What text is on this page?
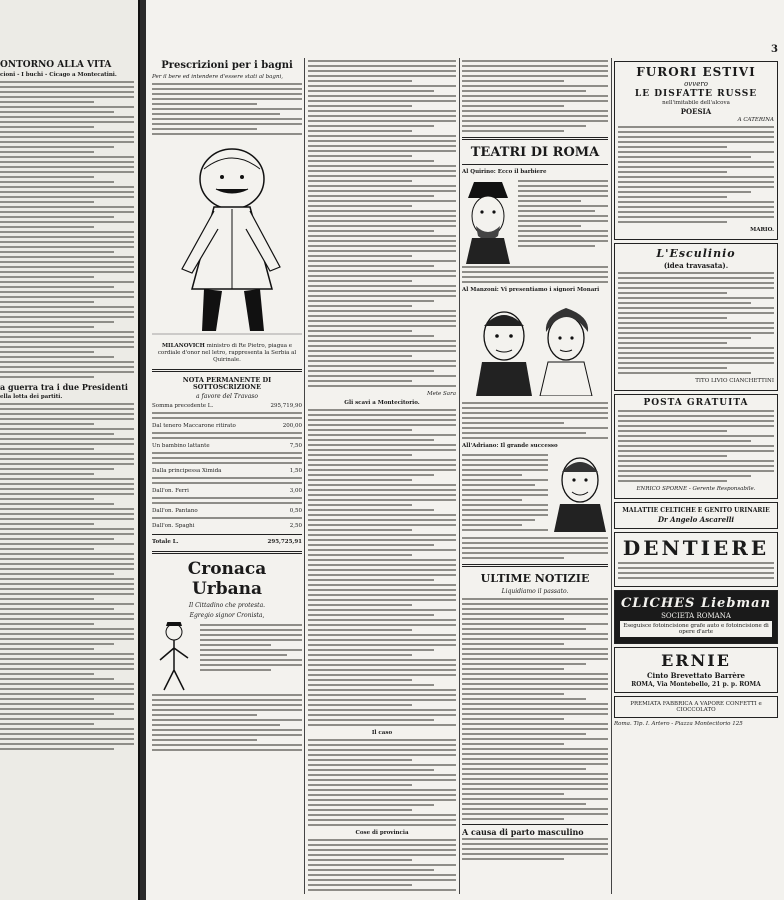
ONTORNO ALLA VITA
cioni - I buchi - Cicago a Montecatini.
a guerra tra i due Presidenti
ella lotta dei partiti.
3
Prescrizioni per i bagni
Per il bere ed intendere d'essere stati al bagni,
MILANOVICH ministro di Re Pietro, piagua e cordiale d'onor nel letro, rappresenta la Serbia al Quirinale.
NOTA PERMANENTE DI SOTTOSCRIZIONE
a favore del Travaso
Somma precedente L.	295,719,90
Dal tenero Maccarone ritirato	200,00
Un bambino lattante	7,50
Dalla principessa Ximida	1,50
Dall'on. Ferri	3,00
Dall'on. Pantano	0,50
Dall'on. Spaghi	2,50
Totale L.	295,725,91
Cronaca Urbana
Il Cittadino che protesta.
Egregio signor Cronista,
Mete Sara
Gli scavi a Montecitorio.
Il caso
Cose di provincia
TEATRI DI ROMA
Al Quirino: Ecco il barbiere
Al Manzoni: Vi presentiamo i signori Monari
All'Adriano: Il grande successo
ULTIME NOTIZIE
Liquidiamo il passato.
A causa di parto masculino
FURORI ESTIVI
ovvero
LE DISFATTE RUSSE
nell'imitabile dell'alcova
POESIA
A CATERINA
MARIO.
L'Esculinio
(idea travasata).
TITO LIVIO CIANCHETTINI
POSTA GRATUITA
ENRICO SPORNE - Gerente Responsabile.
MALATTIE CELTICHE E GENITO URINARIE
Dr Angelo Ascarelli
DENTIERE
CLICHES Liebman
SOCIETA ROMANA
Eseguisce fotoincisione grafe auto e fotoincisione di opere d'arte
ERNIE
Cinto Brevettato Barrère
ROMA, Via Montebello, 21 p. p. ROMA
PREMIATA FABBRICA A VAPORE CONFETTI e CIOCCOLATO
Roma. Tip. I. Artero - Piazza Montecitorio 125
